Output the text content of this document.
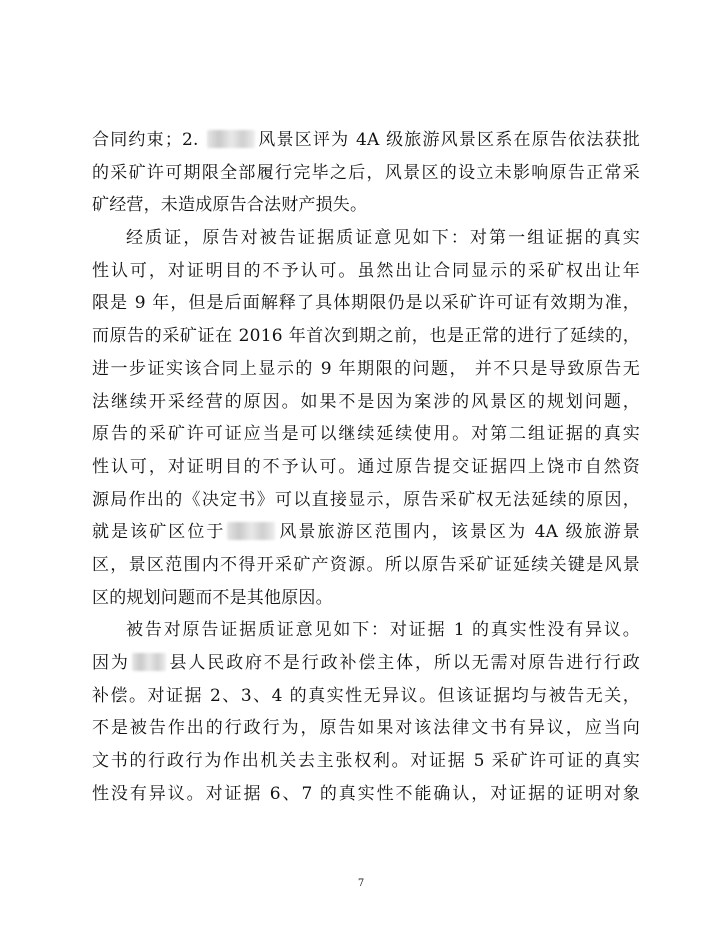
合同约束；2.	风景区评为 4A 级旅游风景区系在原告依法获批
的采矿许可期限全部履行完毕之后，风景区的设立未影响原告正常采
矿经营，未造成原告合法财产损失。
经质证，原告对被告证据质证意见如下：对第一组证据的真实
性认可，对证明目的不予认可。虽然出让合同显示的采矿权出让年
限是 9 年，但是后面解释了具体期限仍是以采矿许可证有效期为准，
而原告的采矿证在 2016 年首次到期之前，也是正常的进行了延续的，
进一步证实该合同上显示的 9 年期限的问题， 并不只是导致原告无
法继续开采经营的原因。如果不是因为案涉的风景区的规划问题，
原告的采矿许可证应当是可以继续延续使用。对第二组证据的真实
性认可，对证明目的不予认可。通过原告提交证据四上饶市自然资
源局作出的《决定书》可以直接显示，原告采矿权无法延续的原因，
就是该矿区位于	风景旅游区范围内，该景区为 4A 级旅游景
区，景区范围内不得开采矿产资源。所以原告采矿证延续关键是风景
区的规划问题而不是其他原因。
被告对原告证据质证意见如下：对证据 1 的真实性没有异议。
因为 县人民政府不是行政补偿主体，所以无需对原告进行行政
补偿。对证据 2、3、4 的真实性无异议。但该证据均与被告无关，
不是被告作出的行政行为，原告如果对该法律文书有异议，应当向
文书的行政行为作出机关去主张权利。对证据 5 采矿许可证的真实
性没有异议。对证据 6、7 的真实性不能确认，对证据的证明对象
7
